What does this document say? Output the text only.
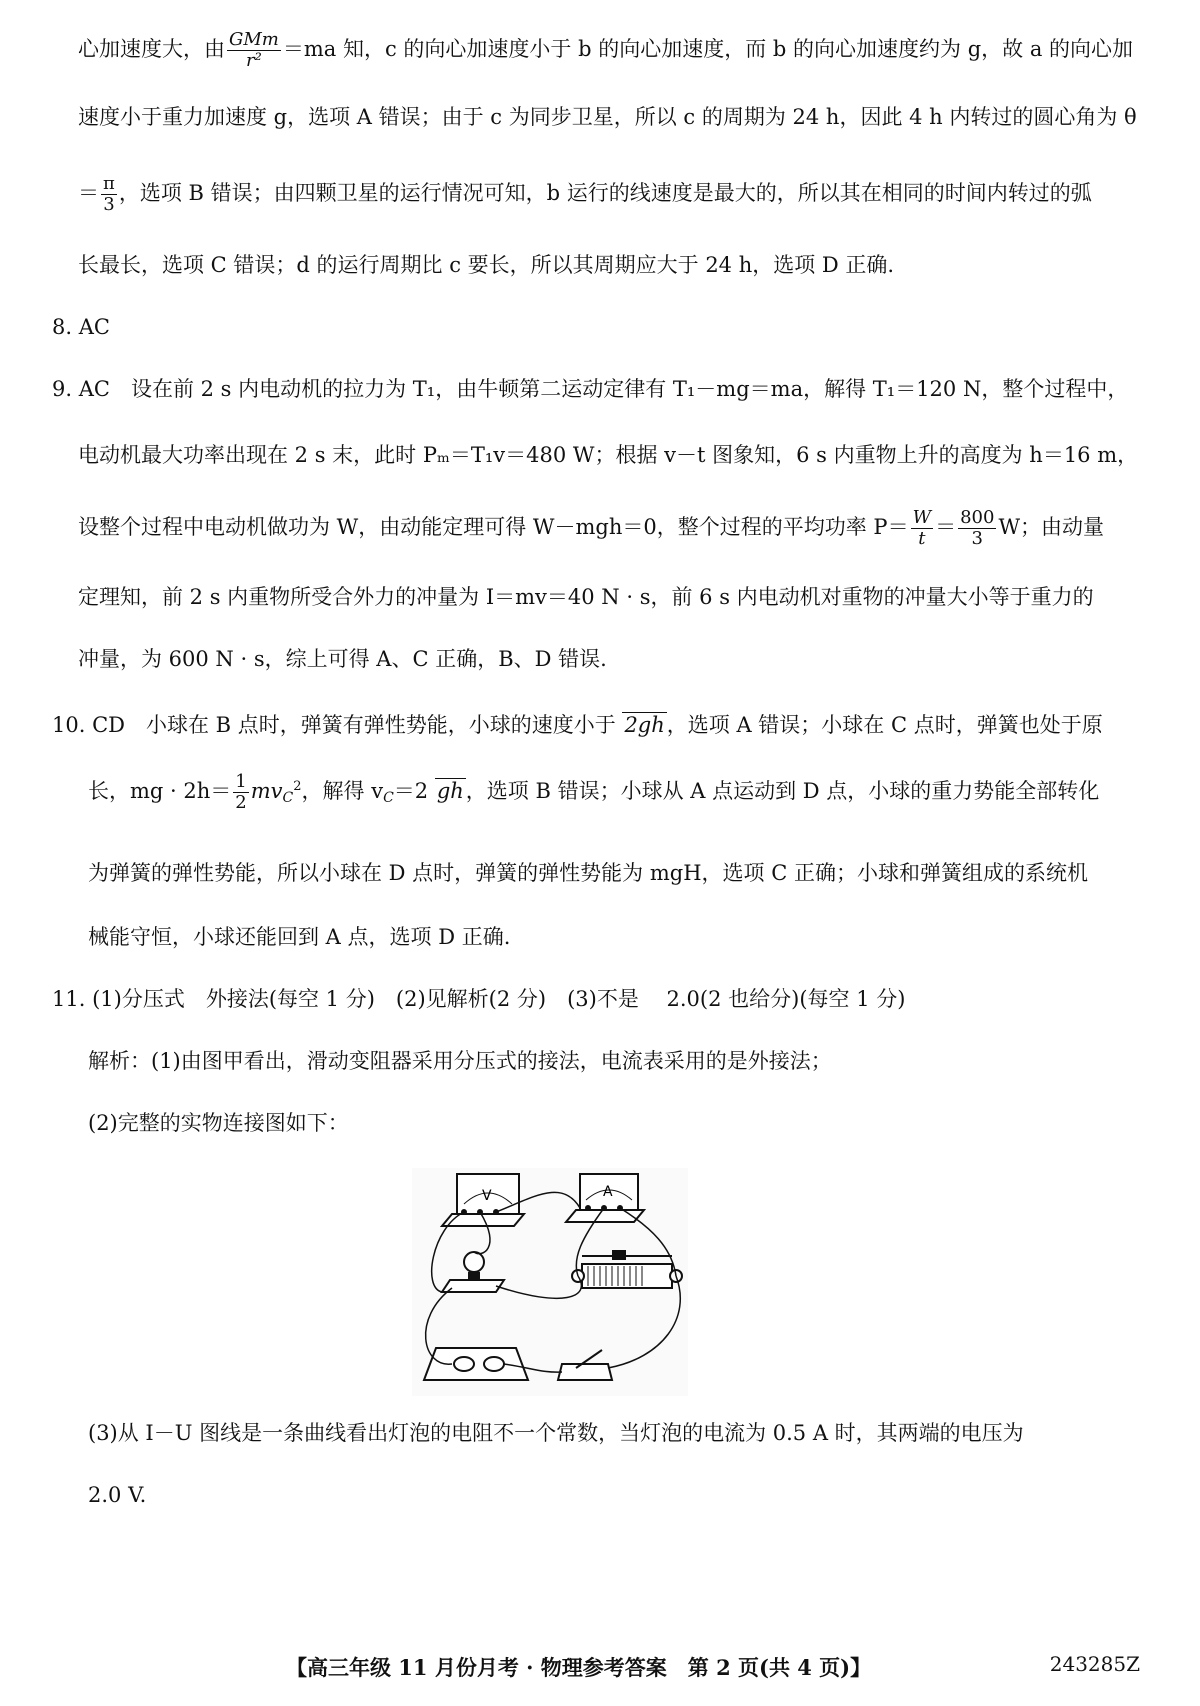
心加速度大，由 $\frac{\text{GMm}}{\text{r²}} =ma$ 知，c 的向心加速度小于 b 的向心加速度，而 b 的向心加速度约为 g，故 a 的向心加
速度小于重力加速度 g，选项 A 错误；由于 c 为同步卫星，所以 c 的周期为 24 h，因此 4 h 内转过的圆心角为 θ
＝ $\frac{\pi}{3}$ ，选项 B 错误；由四颗卫星的运行情况可知，b 运行的线速度是最大的，所以其在相同的时间内转过的弧
长最长，选项 C 错误；d 的运行周期比 c 要长，所以其周期应大于 24 h，选项 D 正确.
8. AC
9. AC　设在前 2 s 内电动机的拉力为 T₁，由牛顿第二运动定律有 T₁－mg＝ma，解得 T₁＝120 N，整个过程中，
电动机最大功率出现在 2 s 末，此时 Pₘ＝T₁v＝480 W；根据 v－t 图象知，6 s 内重物上升的高度为 h＝16 m，
设整个过程中电动机做功为 W，由动能定理可得 W－mgh＝0，整个过程的平均功率 $P= \frac{W}{t} = \frac{800}{3}$ W；由动量
定理知，前 2 s 内重物所受合外力的冲量为 I＝mv＝40 N · s，前 6 s 内电动机对重物的冲量大小等于重力的
冲量，为 600 N · s，综上可得 A、C 正确，B、D 错误.
10. CD　小球在 B 点时，弹簧有弹性势能，小球的速度小于 2gh，选项 A 错误；小球在 C 点时，弹簧也处于原
长，mg · $2h= \frac{1}{2} mv_C^2$，解得 $v_C=2$ gh，选项 B 错误；小球从 A 点运动到 D 点，小球的重力势能全部转化
为弹簧的弹性势能，所以小球在 D 点时，弹簧的弹性势能为 mgH，选项 C 正确；小球和弹簧组成的系统机
械能守恒，小球还能回到 A 点，选项 D 正确.
11. (1)分压式　外接法(每空 1 分)　(2)见解析(2 分)　(3)不是　 2.0(2 也给分)(每空 1 分)
解析：(1)由图甲看出，滑动变阻器采用分压式的接法，电流表采用的是外接法；
(2)完整的实物连接图如下：
V	A
(3)从 I－U 图线是一条曲线看出灯泡的电阻不一个常数，当灯泡的电流为 0.5 A 时，其两端的电压为
2.0 V.
【高三年级 11 月份月考 · 物理参考答案　第 2 页(共 4 页)】	243285Z
